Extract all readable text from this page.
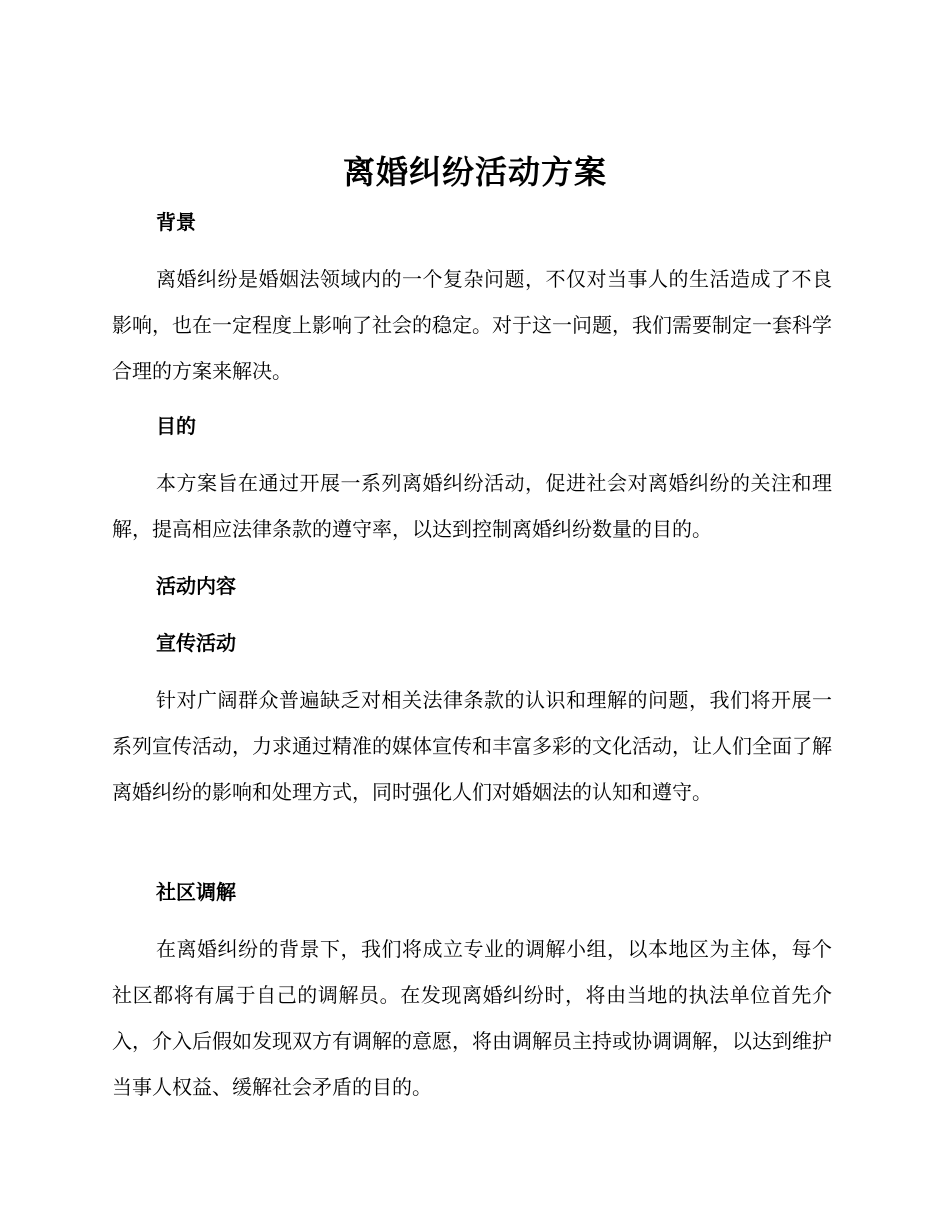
离婚纠纷活动方案
背景

离婚纠纷是婚姻法领域内的一个复杂问题，不仅对当事人的生活造成了不良影响，也在一定程度上影响了社会的稳定。对于这一问题，我们需要制定一套科学合理的方案来解决。

目的

本方案旨在通过开展一系列离婚纠纷活动，促进社会对离婚纠纷的关注和理解，提高相应法律条款的遵守率，以达到控制离婚纠纷数量的目的。

活动内容
宣传活动

针对广阔群众普遍缺乏对相关法律条款的认识和理解的问题，我们将开展一系列宣传活动，力求通过精准的媒体宣传和丰富多彩的文化活动，让人们全面了解离婚纠纷的影响和处理方式，同时强化人们对婚姻法的认知和遵守。

社区调解

在离婚纠纷的背景下，我们将成立专业的调解小组，以本地区为主体，每个社区都将有属于自己的调解员。在发现离婚纠纷时，将由当地的执法单位首先介入，介入后假如发现双方有调解的意愿，将由调解员主持或协调调解，以达到维护当事人权益、缓解社会矛盾的目的。
